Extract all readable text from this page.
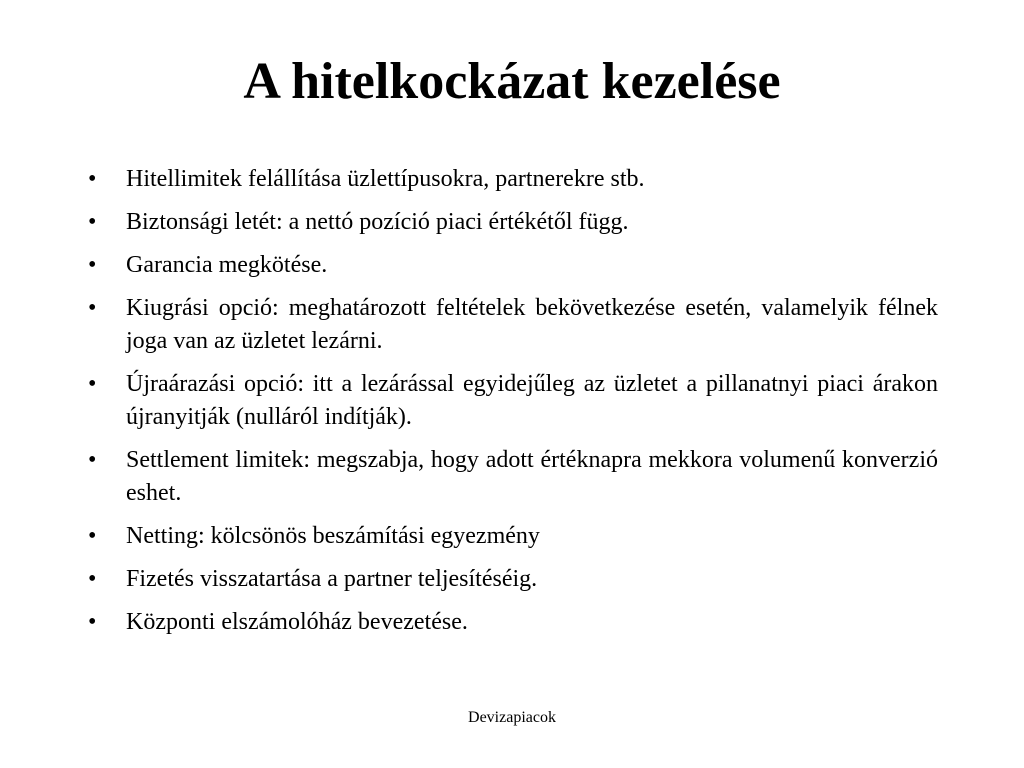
A hitelkockázat kezelése
• Hitellimitek felállítása üzlettípusokra, partnerekre stb.
• Biztonsági letét: a nettó pozíció piaci értékétől függ.
• Garancia megkötése.
• Kiugrási opció: meghatározott feltételek bekövetkezése esetén, valamelyik félnek joga van az üzletet lezárni.
• Újraárazási opció: itt a lezárással egyidejűleg az üzletet a pillanatnyi piaci árakon újranyitják (nulláról indítják).
• Settlement limitek: megszabja, hogy adott értéknapra mekkora volumenű konverzió eshet.
• Netting: kölcsönös beszámítási egyezmény
• Fizetés visszatartása a partner teljesítéséig.
• Központi elszámolóház bevezetése.
Devizapiacok
